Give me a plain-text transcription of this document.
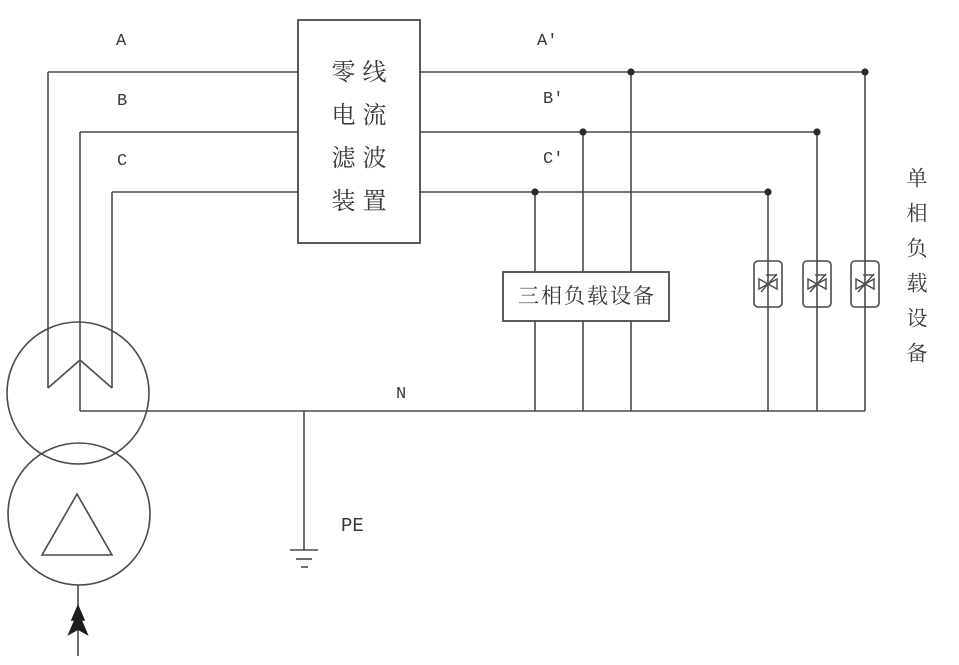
A
B
C
A′
B′
C′
N
PE
零线
电流
滤波
装置
三相负载设备	单相负载设备
